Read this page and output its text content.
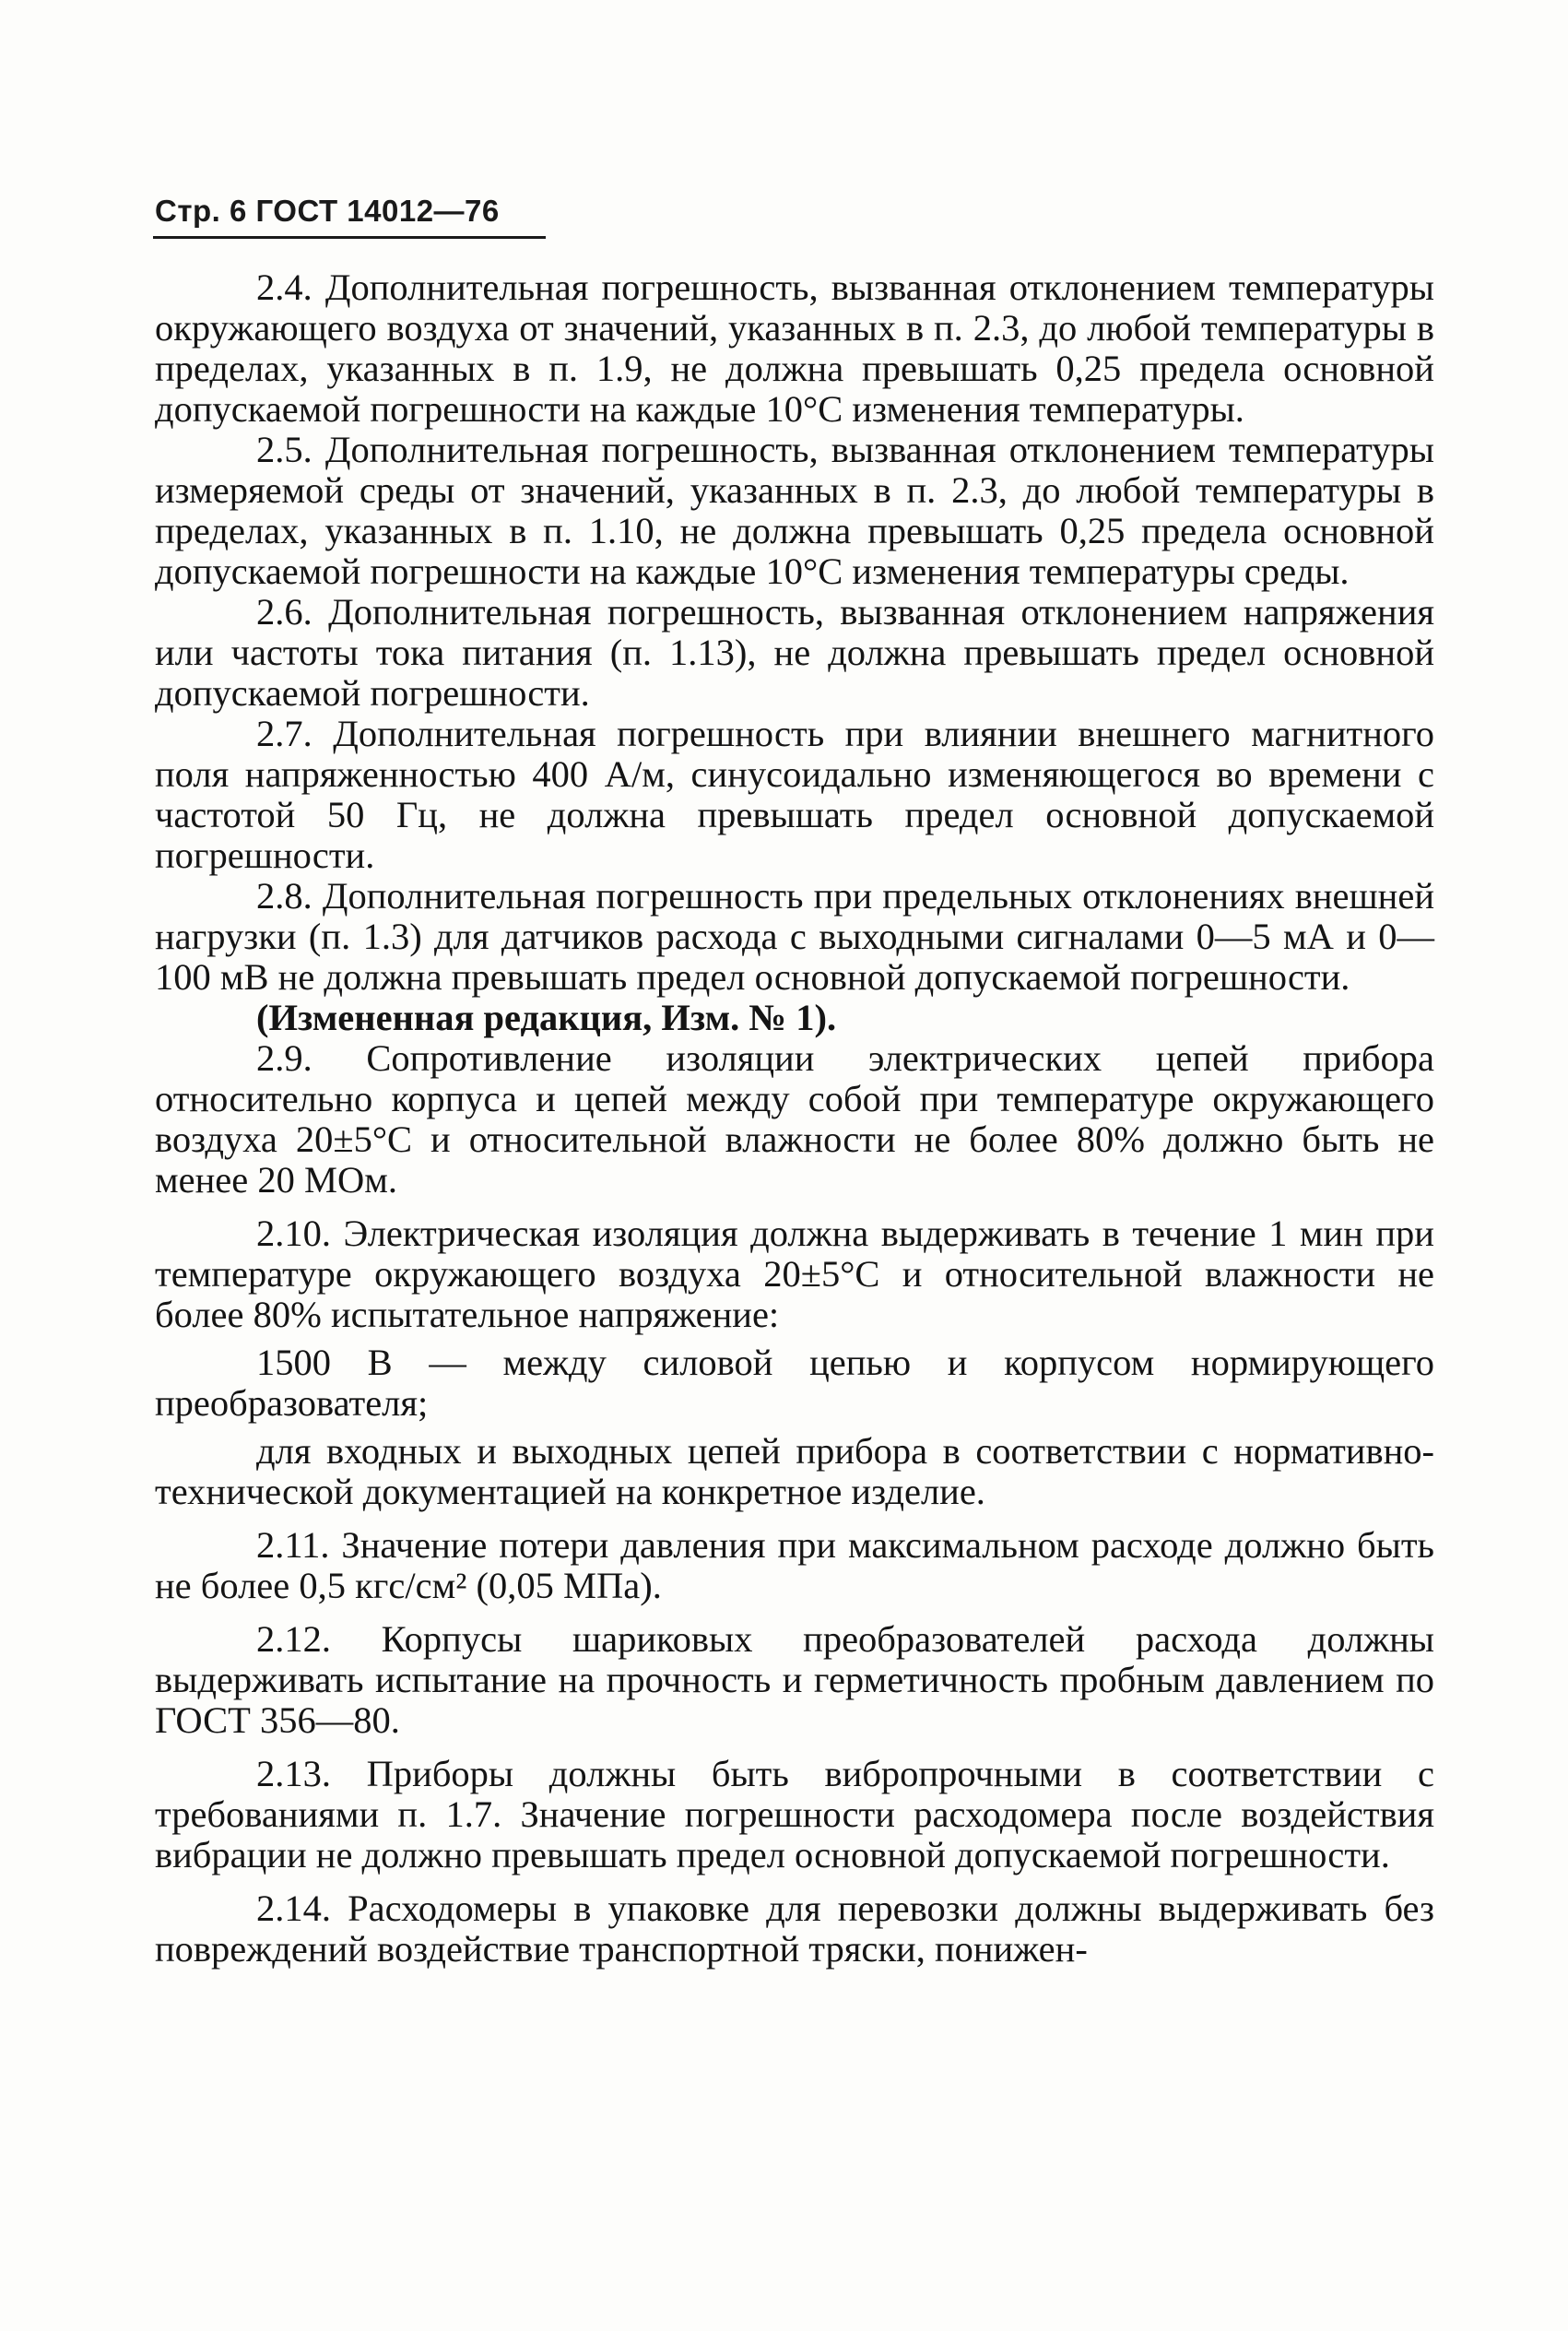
Стр. 6 ГОСТ 14012—76

2.4. Дополнительная погрешность, вызванная отклонением температуры окружающего воздуха от значений, указанных в п. 2.3, до любой температуры в пределах, указанных в п. 1.9, не должна превышать 0,25 предела основной допускаемой погрешности на каждые 10°С изменения температуры.

2.5. Дополнительная погрешность, вызванная отклонением температуры измеряемой среды от значений, указанных в п. 2.3, до любой температуры в пределах, указанных в п. 1.10, не должна превышать 0,25 предела основной допускаемой погрешности на каждые 10°С изменения температуры среды.

2.6. Дополнительная погрешность, вызванная отклонением напряжения или частоты тока питания (п. 1.13), не должна превышать предел основной допускаемой погрешности.

2.7. Дополнительная погрешность при влиянии внешнего магнитного поля напряженностью 400 А/м, синусоидально изменяющегося во времени с частотой 50 Гц, не должна превышать предел основной допускаемой погрешности.

2.8. Дополнительная погрешность при предельных отклонениях внешней нагрузки (п. 1.3) для датчиков расхода с выходными сигналами 0—5 мА и 0—100 мВ не должна превышать предел основной допускаемой погрешности.

(Измененная редакция, Изм. № 1).

2.9. Сопротивление изоляции электрических цепей прибора относительно корпуса и цепей между собой при температуре окружающего воздуха 20±5°С и относительной влажности не более 80% должно быть не менее 20 МОм.

2.10. Электрическая изоляция должна выдерживать в течение 1 мин при температуре окружающего воздуха 20±5°С и относительной влажности не более 80% испытательное напряжение:

1500 В — между силовой цепью и корпусом нормирующего преобразователя;

для входных и выходных цепей прибора в соответствии с нормативно-технической документацией на конкретное изделие.

2.11. Значение потери давления при максимальном расходе должно быть не более 0,5 кгс/см² (0,05 МПа).

2.12. Корпусы шариковых преобразователей расхода должны выдерживать испытание на прочность и герметичность пробным давлением по ГОСТ 356—80.

2.13. Приборы должны быть вибропрочными в соответствии с требованиями п. 1.7. Значение погрешности расходомера после воздействия вибрации не должно превышать предел основной допускаемой погрешности.

2.14. Расходомеры в упаковке для перевозки должны выдерживать без повреждений воздействие транспортной тряски, понижен-
